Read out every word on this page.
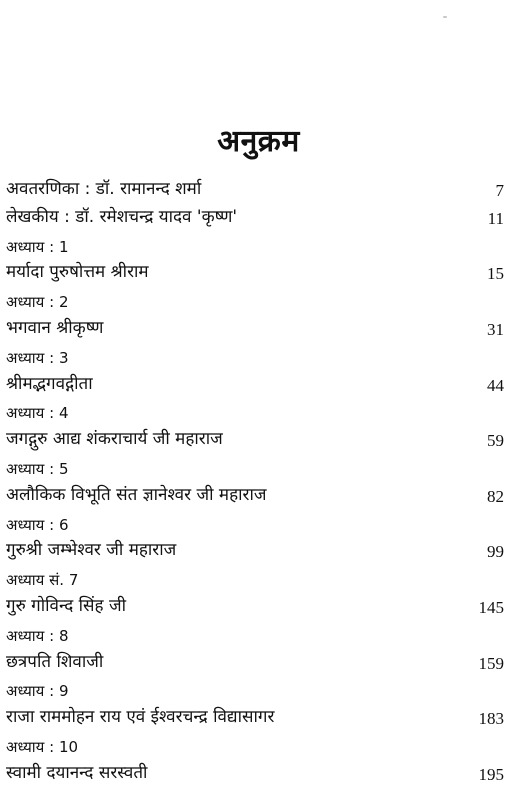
अनुक्रम
अवतरणिका : डॉ. रामानन्द शर्मा	7
लेखकीय : डॉ. रमेशचन्द्र यादव 'कृष्ण'	11
अध्याय : 1
मर्यादा पुरुषोत्तम श्रीराम	15
अध्याय : 2
भगवान श्रीकृष्ण	31
अध्याय : 3
श्रीमद्भगवद्गीता	44
अध्याय : 4
जगद्गुरु आद्य शंकराचार्य जी महाराज	59
अध्याय : 5
अलौकिक विभूति संत ज्ञानेश्वर जी महाराज	82
अध्याय : 6
गुरुश्री जम्भेश्वर जी महाराज	99
अध्याय सं. 7
गुरु गोविन्द सिंह जी	145
अध्याय : 8
छत्रपति शिवाजी	159
अध्याय : 9
राजा राममोहन राय एवं ईश्वरचन्द्र विद्यासागर	183
अध्याय : 10
स्वामी दयानन्द सरस्वती	195
